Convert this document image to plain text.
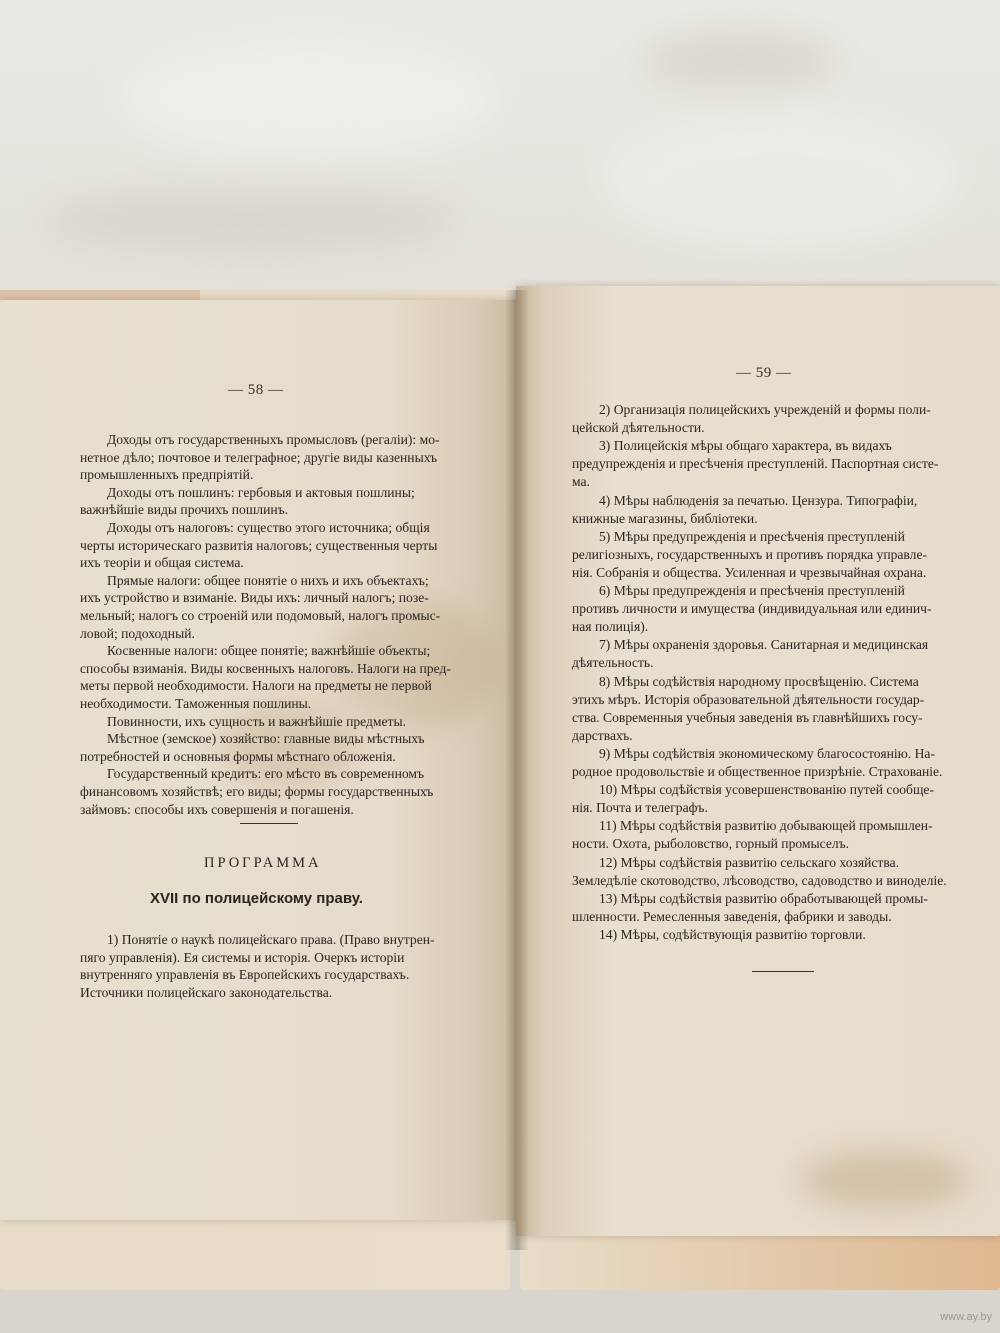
— 58 —
— 59 —
Доходы отъ государственныхъ промысловъ (регаліи): мо-
нетное дѣло; почтовое и телеграфное; другіе виды казенныхъ
промышленныхъ предпріятій.
Доходы отъ пошлинъ: гербовыя и актовыя пошлины;
важнѣйшіе виды прочихъ пошлинъ.
Доходы отъ налоговъ: существо этого источника; общія
черты историческаго развитія налоговъ; существенныя черты
ихъ теоріи и общая система.
Прямые налоги: общее понятіе о нихъ и ихъ объектахъ;
ихъ устройство и взиманіе. Виды ихъ: личный налогъ; позе-
мельный; налогъ со строеній или подомовый, налогъ промыс-
ловой; подоходный.
Косвенные налоги: общее понятіе; важнѣйшіе объекты;
способы взиманія. Виды косвенныхъ налоговъ. Налоги на пред-
меты первой необходимости. Налоги на предметы не первой
необходимости. Таможенныя пошлины.
Повинности, ихъ сущность и важнѣйшіе предметы.
Мѣстное (земское) хозяйство: главные виды мѣстныхъ
потребностей и основныя формы мѣстнаго обложенія.
Государственный кредитъ: его мѣсто въ современномъ
финансовомъ хозяйствѣ; его виды; формы государственныхъ
займовъ: способы ихъ совершенія и погашенія.
ПРОГРАММА
XVII по полицейскому праву.
1) Понятіе о наукѣ полицейскаго права. (Право внутрен-
пяго управленія). Ея системы и исторія. Очеркъ исторіи
внутренняго управленія въ Европейскихъ государствахъ.
Источники полицейскаго законодательства.
2) Организація полицейскихъ учрежденій и формы поли-
цейской дѣятельности.
3) Полицейскія мѣры общаго характера, въ видахъ
предупрежденія и пресѣченія преступленій. Паспортная систе-
ма.
4) Мѣры наблюденія за печатью. Цензура. Типографіи,
книжные магазины, библіотеки.
5) Мѣры предупрежденія и пресѣченія преступленій
религіозныхъ, государственныхъ и противъ порядка управле-
нія. Собранія и общества. Усиленная и чрезвычайная охрана.
6) Мѣры предупрежденія и пресѣченія преступленій
противъ личности и имущества (индивидуальная или единич-
ная полиція).
7) Мѣры охраненія здоровья. Санитарная и медицинская
дѣятельность.
8) Мѣры содѣйствія народному просвѣщенію. Система
этихъ мѣръ. Исторія образовательной дѣятельности государ-
ства. Современныя учебныя заведенія въ главнѣйшихъ госу-
дарствахъ.
9) Мѣры содѣйствія экономическому благосостоянію. На-
родное продовольствіе и общественное призрѣніе. Страхованіе.
10) Мѣры содѣйствія усовершенствованію путей сообще-
нія. Почта и телеграфъ.
11) Мѣры содѣйствія развитію добывающей промышлен-
ности. Охота, рыболовство, горный промыселъ.
12) Мѣры содѣйствія развитію сельскаго хозяйства.
Земледѣліе скотоводство, лѣсоводство, садоводство и виноделіе.
13) Мѣры содѣйствія развитію обработывающей промы-
шленности. Ремесленныя заведенія, фабрики и заводы.
14) Мѣры, содѣйствующія развитію торговли.
www.ay.by
